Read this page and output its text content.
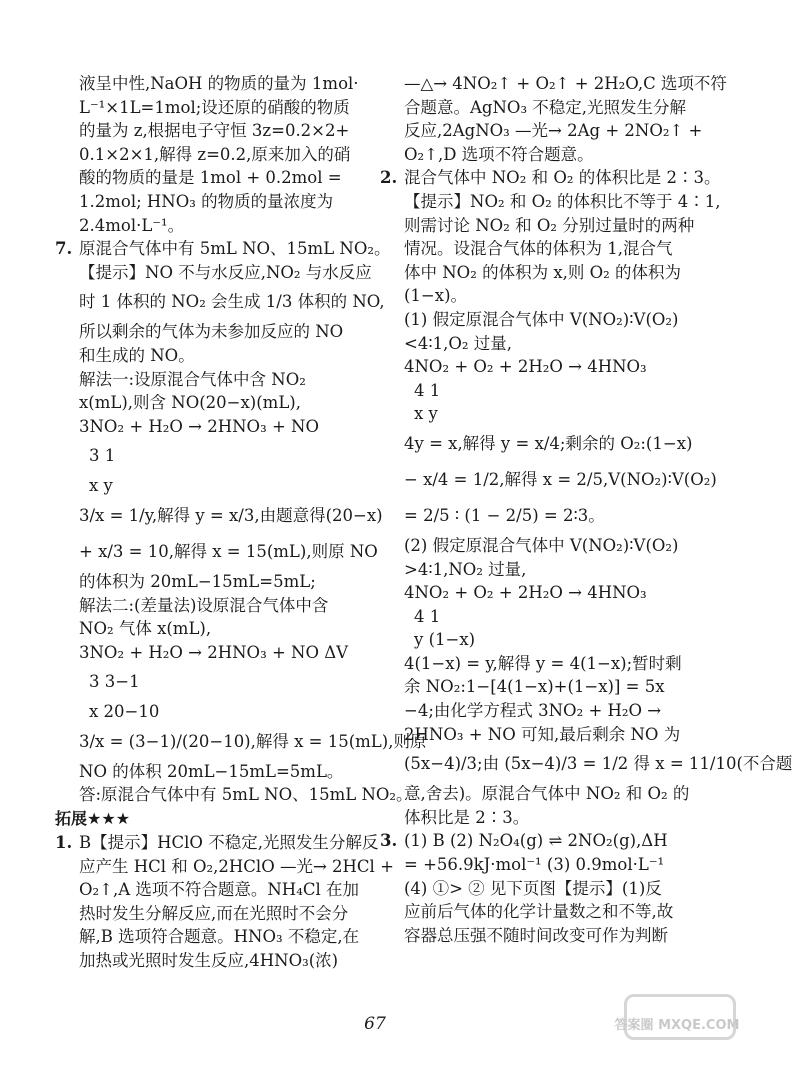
液呈中性,NaOH 的物质的量为 1mol·
L⁻¹×1L=1mol;设还原的硝酸的物质
的量为 z,根据电子守恒 3z=0.2×2+
0.1×2×1,解得 z=0.2,原来加入的硝
酸的物质的量是 1mol + 0.2mol =
1.2mol; HNO₃ 的物质的量浓度为
2.4mol·L⁻¹。
7. 原混合气体中有 5mL NO、15mL NO₂。
【提示】NO 不与水反应,NO₂ 与水反应
时 1 体积的 NO₂ 会生成 1/3 体积的 NO,
所以剩余的气体为未参加反应的 NO
和生成的 NO。
解法一:设原混合气体中含 NO₂
x(mL),则含 NO(20−x)(mL),
3NO₂ + H₂O → 2HNO₃ + NO
3 1
x y
3/x = 1/y,解得 y = x/3,由题意得(20−x)
+ x/3 = 10,解得 x = 15(mL),则原 NO
的体积为 20mL−15mL=5mL;
解法二:(差量法)设原混合气体中含
NO₂ 气体 x(mL),
3NO₂ + H₂O → 2HNO₃ + NO ΔV
3 3−1
x 20−10
3/x = (3−1)/(20−10),解得 x = 15(mL),则原
NO 的体积 20mL−15mL=5mL。
答:原混合气体中有 5mL NO、15mL NO₂。
拓展★★★
1. B【提示】HClO 不稳定,光照发生分解反
应产生 HCl 和 O₂,2HClO —光→ 2HCl +
O₂↑,A 选项不符合题意。NH₄Cl 在加
热时发生分解反应,而在光照时不会分
解,B 选项符合题意。HNO₃ 不稳定,在
加热或光照时发生反应,4HNO₃(浓)
—△→ 4NO₂↑ + O₂↑ + 2H₂O,C 选项不符
合题意。AgNO₃ 不稳定,光照发生分解
反应,2AgNO₃ —光→ 2Ag + 2NO₂↑ +
O₂↑,D 选项不符合题意。
2. 混合气体中 NO₂ 和 O₂ 的体积比是 2∶3。
【提示】NO₂ 和 O₂ 的体积比不等于 4∶1,
则需讨论 NO₂ 和 O₂ 分别过量时的两种
情况。设混合气体的体积为 1,混合气
体中 NO₂ 的体积为 x,则 O₂ 的体积为
(1−x)。
(1) 假定原混合气体中 V(NO₂)∶V(O₂)
<4∶1,O₂ 过量,
4NO₂ + O₂ + 2H₂O → 4HNO₃
4 1
x y
4y = x,解得 y = x/4;剩余的 O₂:(1−x)
− x/4 = 1/2,解得 x = 2/5,V(NO₂)∶V(O₂)
= 2/5 ∶ (1 − 2/5) = 2∶3。
(2) 假定原混合气体中 V(NO₂)∶V(O₂)
>4∶1,NO₂ 过量,
4NO₂ + O₂ + 2H₂O → 4HNO₃
4 1
y (1−x)
4(1−x) = y,解得 y = 4(1−x);暂时剩
余 NO₂:1−[4(1−x)+(1−x)] = 5x
−4;由化学方程式 3NO₂ + H₂O →
2HNO₃ + NO 可知,最后剩余 NO 为
(5x−4)/3;由 (5x−4)/3 = 1/2 得 x = 11/10(不合题
意,舍去)。原混合气体中 NO₂ 和 O₂ 的
体积比是 2∶3。
3. (1) B (2) N₂O₄(g) ⇌ 2NO₂(g),ΔH
= +56.9kJ·mol⁻¹ (3) 0.9mol·L⁻¹
(4) ①> ② 见下页图【提示】(1)反
应前后气体的化学计量数之和不等,故
容器总压强不随时间改变可作为判断
67	答案圈 MXQE.COM
